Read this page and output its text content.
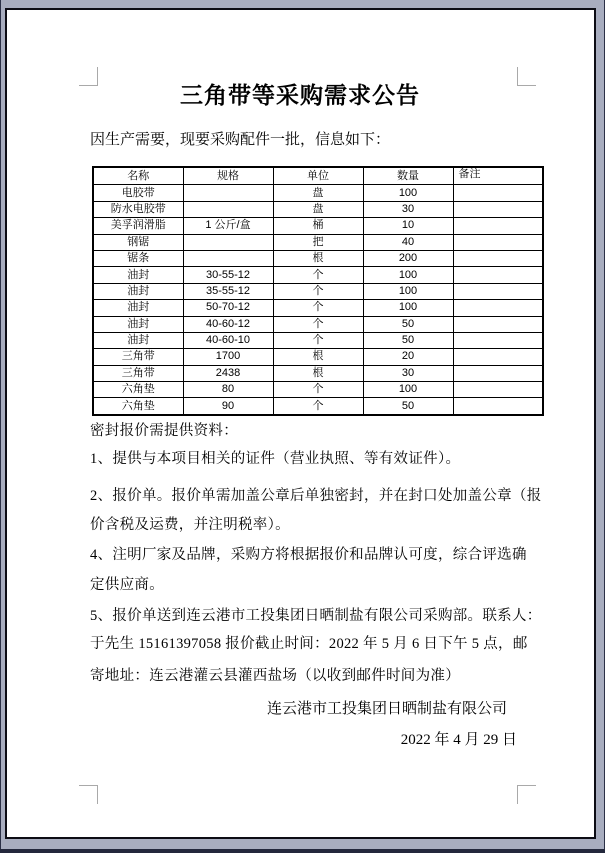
三角带等采购需求公告
因生产需要，现要采购配件一批，信息如下：
名称	规格	单位	数量	备注
电胶带		盘	100	
防水电胶带		盘	30	
美孚润滑脂	1 公斤/盒	桶	10	
钢锯		把	40	
锯条		根	200	
油封	30-55-12	个	100	
油封	35-55-12	个	100	
油封	50-70-12	个	100	
油封	40-60-12	个	50	
油封	40-60-10	个	50	
三角带	1700	根	20	
三角带	2438	根	30	
六角垫	80	个	100	
六角垫	90	个	50	
密封报价需提供资料：
1、提供与本项目相关的证件（营业执照、等有效证件）。
2、报价单。报价单需加盖公章后单独密封，并在封口处加盖公章（报
价含税及运费，并注明税率）。
4、注明厂家及品牌，采购方将根据报价和品牌认可度，综合评选确
定供应商。
5、报价单送到连云港市工投集团日晒制盐有限公司采购部。联系人：
于先生 15161397058 报价截止时间：2022 年 5 月 6 日下午 5 点，邮
寄地址：连云港灌云县灌西盐场（以收到邮件时间为准）
连云港市工投集团日晒制盐有限公司
2022 年 4 月 29 日
